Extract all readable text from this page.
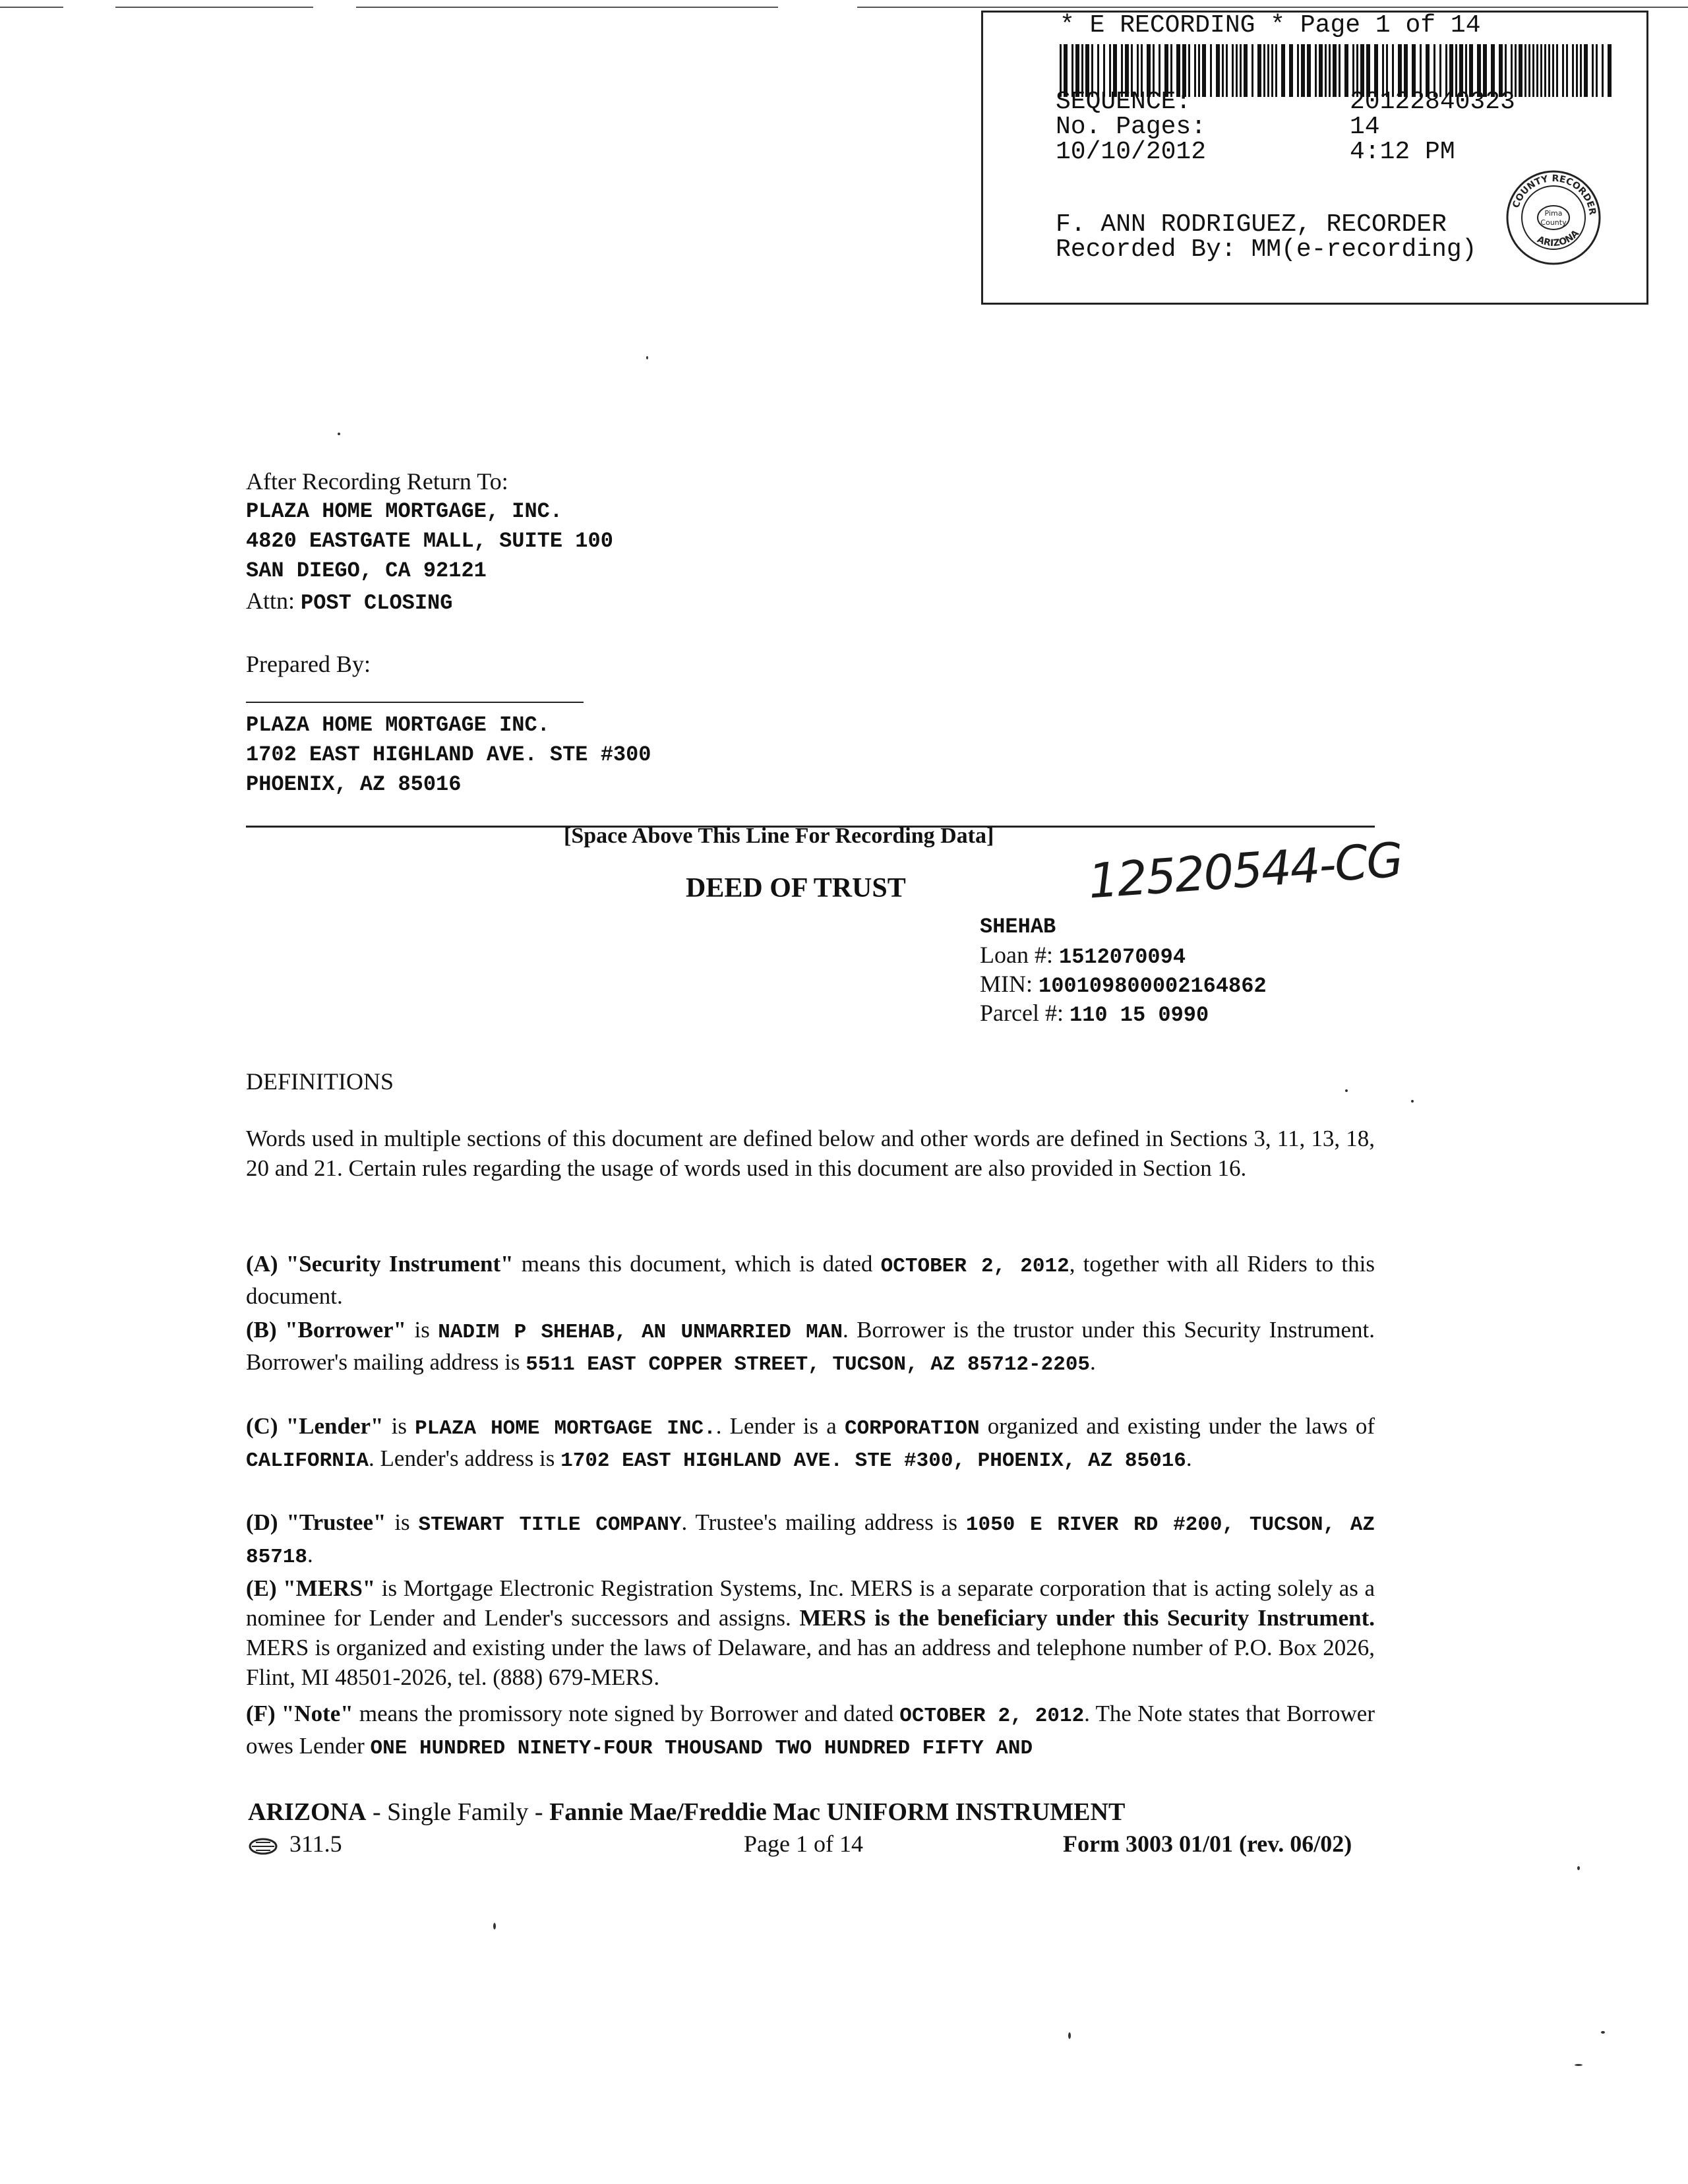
* E RECORDING * Page 1 of 14
SEQUENCE:	20122840323
No. Pages:	14
10/10/2012	4:12 PM
F. ANN RODRIGUEZ, RECORDER
Recorded By: MM(e-recording)
COUNTY RECORDER
ARIZONA
Pima
County
After Recording Return To:
PLAZA HOME MORTGAGE, INC.
4820 EASTGATE MALL, SUITE 100
SAN DIEGO, CA 92121
Attn: POST CLOSING
Prepared By:
PLAZA HOME MORTGAGE INC.
1702 EAST HIGHLAND AVE. STE #300
PHOENIX, AZ 85016
[Space Above This Line For Recording Data] 12520544-CG
DEED OF TRUST
SHEHAB
Loan #: 1512070094
MIN: 100109800002164862
Parcel #: 110 15 0990
DEFINITIONS
Words used in multiple sections of this document are defined below and other words are defined in Sections 3, 11, 13, 18, 20 and 21. Certain rules regarding the usage of words used in this document are also provided in Section 16.
(A) "Security Instrument" means this document, which is dated OCTOBER 2, 2012, together with all Riders to this document.
(B) "Borrower" is NADIM P SHEHAB, AN UNMARRIED MAN. Borrower is the trustor under this Security Instrument. Borrower's mailing address is 5511 EAST COPPER STREET, TUCSON, AZ 85712-2205.
(C) "Lender" is PLAZA HOME MORTGAGE INC.. Lender is a CORPORATION organized and existing under the laws of CALIFORNIA. Lender's address is 1702 EAST HIGHLAND AVE. STE #300, PHOENIX, AZ 85016.
(D) "Trustee" is STEWART TITLE COMPANY. Trustee's mailing address is 1050 E RIVER RD #200, TUCSON, AZ 85718.
(E) "MERS" is Mortgage Electronic Registration Systems, Inc. MERS is a separate corporation that is acting solely as a nominee for Lender and Lender's successors and assigns. MERS is the beneficiary under this Security Instrument. MERS is organized and existing under the laws of Delaware, and has an address and telephone number of P.O. Box 2026, Flint, MI 48501-2026, tel. (888) 679-MERS.
(F) "Note" means the promissory note signed by Borrower and dated OCTOBER 2, 2012. The Note states that Borrower owes Lender ONE HUNDRED NINETY-FOUR THOUSAND TWO HUNDRED FIFTY AND
ARIZONA - Single Family - Fannie Mae/Freddie Mac UNIFORM INSTRUMENT
311.5	Page 1 of 14	Form 3003 01/01 (rev. 06/02)
